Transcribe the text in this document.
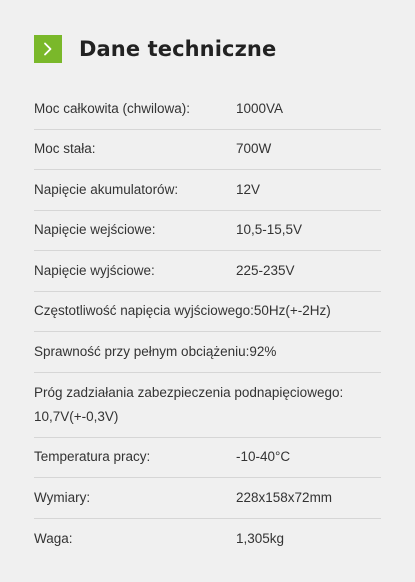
Dane techniczne
Moc całkowita (chwilowa):	1000VA
Moc stała:	700W
Napięcie akumulatorów:	12V
Napięcie wejściowe:	10,5-15,5V
Napięcie wyjściowe:	225-235V
Częstotliwość napięcia wyjściowego: 50Hz(+-2Hz)
Sprawność przy pełnym obciążeniu: 92%
Próg zadziałania zabezpieczenia podnapięciowego: 10,7V(+-0,3V)
Temperatura pracy:	-10-40°C
Wymiary:	228x158x72mm
Waga:	1,305kg
